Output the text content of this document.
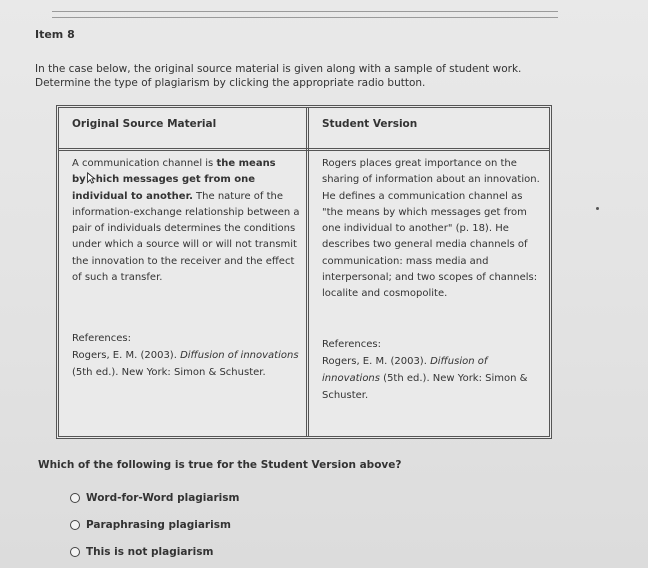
Item 8
In the case below, the original source material is given along with a sample of student work.
Determine the type of plagiarism by clicking the appropriate radio button.
Original Source Material	Student Version
A communication channel is the means
by hich messages get from one individual to another. The nature of the information-exchange relationship between a pair of individuals determines the conditions under which a source will or will not transmit the innovation to the receiver and the effect of such a transfer.
Rogers places great importance on the sharing of information about an innovation. He defines a communication channel as "the means by which messages get from one individual to another" (p. 18). He describes two general media channels of communication: mass media and interpersonal; and two scopes of channels: localite and cosmopolite.
References:
Rogers, E. M. (2003). Diffusion of innovations (5th ed.). New York: Simon & Schuster.
References:
Rogers, E. M. (2003). Diffusion of innovations (5th ed.). New York: Simon & Schuster.
Which of the following is true for the Student Version above?
Word-for-Word plagiarism
Paraphrasing plagiarism
This is not plagiarism
